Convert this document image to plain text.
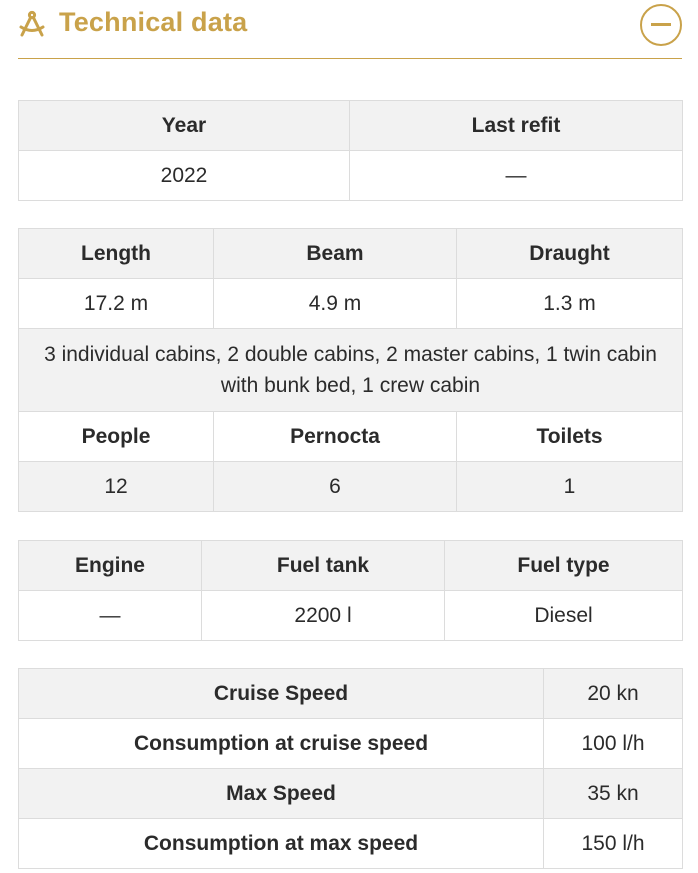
Technical data
Year	Last refit
2022	—
Length	Beam	Draught
17.2 m	4.9 m	1.3 m
3 individual cabins, 2 double cabins, 2 master cabins, 1 twin cabin with bunk bed, 1 crew cabin		
People	Pernocta	Toilets
12	6	1
Engine	Fuel tank	Fuel type
—	2200 l	Diesel
Cruise Speed	20 kn
Consumption at cruise speed	100 l/h
Max Speed	35 kn
Consumption at max speed	150 l/h
